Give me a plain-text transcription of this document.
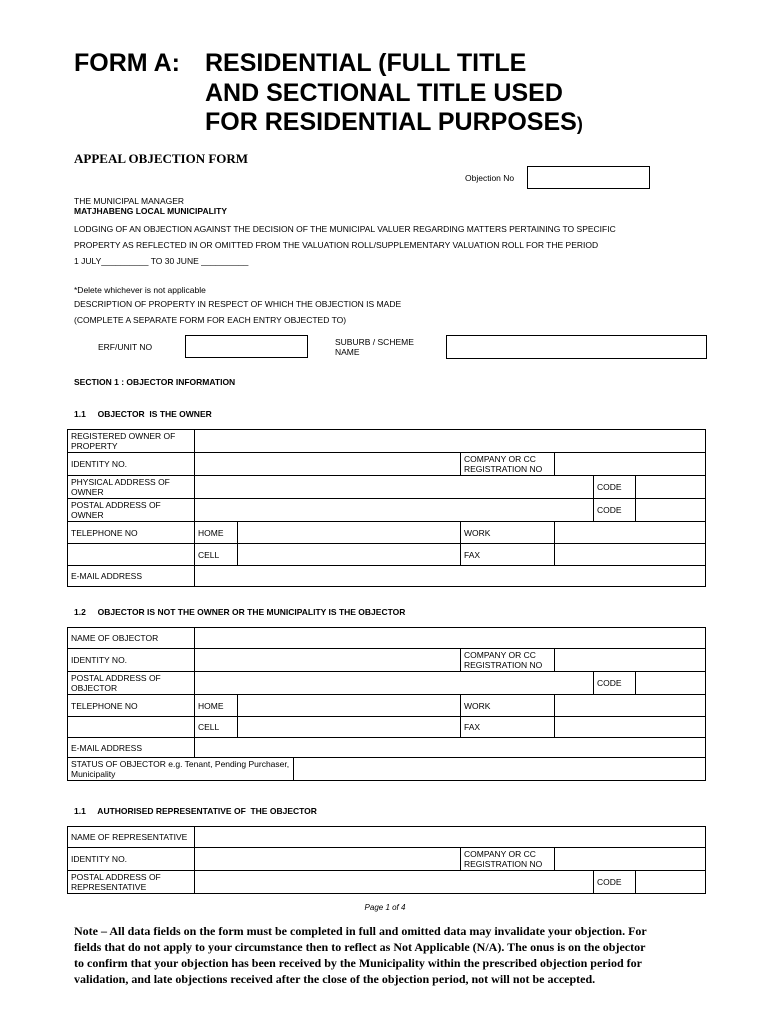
FORM A: RESIDENTIAL (FULL TITLE
AND SECTIONAL TITLE USED
FOR RESIDENTIAL PURPOSES)
APPEAL OBJECTION FORM
Objection No
THE MUNICIPAL MANAGER
MATJHABENG LOCAL MUNICIPALITY
LODGING OF AN OBJECTION AGAINST THE DECISION OF THE MUNICIPAL VALUER REGARDING MATTERS PERTAINING TO SPECIFIC
PROPERTY AS REFLECTED IN OR OMITTED FROM THE VALUATION ROLL/SUPPLEMENTARY VALUATION ROLL FOR THE PERIOD
1 JULY__________ TO 30 JUNE __________
*Delete whichever is not applicable
DESCRIPTION OF PROPERTY IN RESPECT OF WHICH THE OBJECTION IS MADE
(COMPLETE A SEPARATE FORM FOR EACH ENTRY OBJECTED TO)
ERF/UNIT NO	SUBURB / SCHEME
NAME
SECTION 1 : OBJECTOR INFORMATION
1.1     OBJECTOR  IS THE OWNER
REGISTERED OWNER OF PROPERTY						
IDENTITY NO.			COMPANY OR CC REGISTRATION NO			
PHYSICAL ADDRESS OF OWNER					CODE	
POSTAL ADDRESS OF OWNER					CODE	
TELEPHONE NO	HOME		WORK			
	CELL		FAX			
E-MAIL ADDRESS						
1.2     OBJECTOR IS NOT THE OWNER OR THE MUNICIPALITY IS THE OBJECTOR
NAME OF OBJECTOR							
IDENTITY NO.				COMPANY OR CC REGISTRATION NO			
POSTAL ADDRESS OF OBJECTOR						CODE	
TELEPHONE NO	HOME			WORK			
	CELL			FAX			
E-MAIL ADDRESS							
STATUS OF OBJECTOR e.g. Tenant, Pending Purchaser, Municipality							
1.1     AUTHORISED REPRESENTATIVE OF  THE OBJECTOR
NAME OF REPRESENTATIVE					
IDENTITY NO.		COMPANY OR CC REGISTRATION NO			
POSTAL ADDRESS OF REPRESENTATIVE				CODE	
Page 1 of 4
Note – All data fields on the form must be completed in full and omitted data may invalidate your objection. For
fields that do not apply to your circumstance then to reflect as Not Applicable (N/A). The onus is on the objector
to confirm that your objection has been received by the Municipality within the prescribed objection period for
validation, and late objections received after the close of the objection period, not will not be accepted.
